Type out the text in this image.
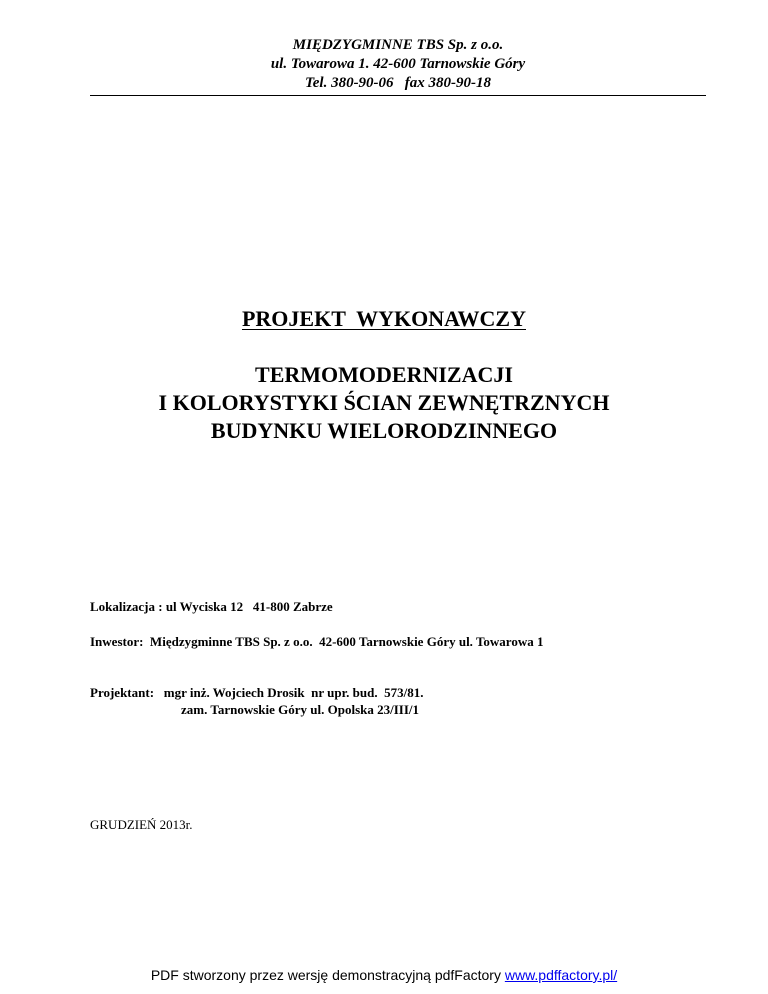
MIĘDZYGMINNE TBS Sp. z o.o.
ul. Towarowa 1. 42-600 Tarnowskie Góry
Tel. 380-90-06   fax 380-90-18
PROJEKT  WYKONAWCZY
TERMOMODERNIZACJI
I KOLORYSTYKI ŚCIAN ZEWNĘTRZNYCH
BUDYNKU WIELORODZINNEGO
Lokalizacja : ul Wyciska 12   41-800 Zabrze
Inwestor:  Międzygminne TBS Sp. z o.o.  42-600 Tarnowskie Góry ul. Towarowa 1
Projektant:   mgr inż. Wojciech Drosik  nr upr. bud.  573/81.
zam. Tarnowskie Góry ul. Opolska 23/III/1
GRUDZIEŃ 2013r.
PDF stworzony przez wersję demonstracyjną pdfFactory www.pdffactory.pl/
